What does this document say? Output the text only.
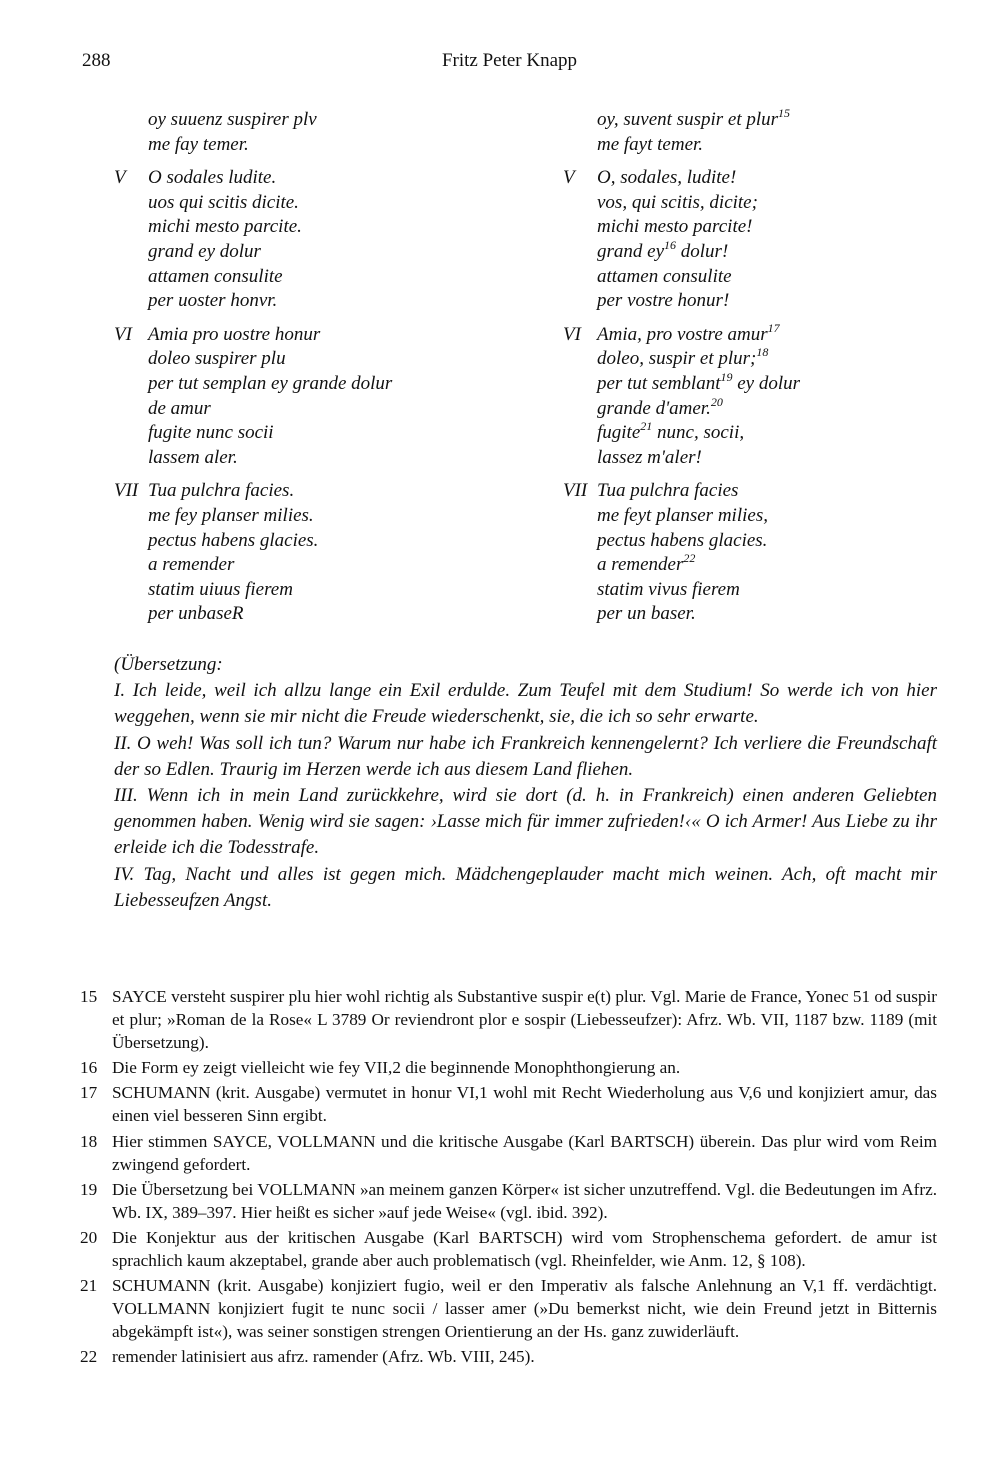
288	Fritz Peter Knapp
oy suuenz suspirer plv
me fay temer.
V O sodales ludite.
uos qui scitis dicite.
michi mesto parcite.
grand ey dolur
attamen consulite
per uoster honvr.
VI Amia pro uostre honur
doleo suspirer plu
per tut semplan ey grande dolur
de amur
fugite nunc socii
lassem aler.
VII Tua pulchra facies.
me fey planser milies.
pectus habens glacies.
a remender
statim uiuus fierem
per unbaseR
oy, suvent suspir et plur$^{15}$
me fayt temer.
V O, sodales, ludite!
vos, qui scitis, dicite;
michi mesto parcite!
grand $ey^{16}$ dolur!
attamen consulite
per vostre honur!
VI Amia, pro vostre amur$^{17}$
doleo, suspir et plur;$^{18}$
per tut semblant$^{19}$ ey dolur
grande d'amer.$^{20}$
fugite$^{21}$ nunc, socii,
lassez m'aler!
VII Tua pulchra facies
me feyt planser milies,
pectus habens glacies.
a remender$^{22}$
statim vivus fierem
per un baser.

(Übersetzung:

I. Ich leide, weil ich allzu lange ein Exil erdulde. Zum Teufel mit dem Studium! So werde ich von hier weggehen, wenn sie mir nicht die Freude wiederschenkt, sie, die ich so sehr erwarte.

II. O weh! Was soll ich tun? Warum nur habe ich Frankreich kennengelernt? Ich verliere die Freundschaft der so Edlen. Traurig im Herzen werde ich aus diesem Land fliehen.

III. Wenn ich in mein Land zurückkehre, wird sie dort (d. h. in Frankreich) einen anderen Geliebten genommen haben. Wenig wird sie sagen: ›Lasse mich für immer zufrieden!‹« O ich Armer! Aus Liebe zu ihr erleide ich die Todesstrafe.

IV. Tag, Nacht und alles ist gegen mich. Mädchengeplauder macht mich weinen. Ach, oft macht mir Liebesseufzen Angst.

15 SAYCE versteht suspirer plu hier wohl richtig als Substantive suspir e(t) plur. Vgl. Marie de France, Yonec 51 od suspir et plur; »Roman de la Rose« L 3789 Or reviendront plor e sospir (Liebesseufzer): Afrz. Wb. VII, 1187 bzw. 1189 (mit Übersetzung).
16 Die Form ey zeigt vielleicht wie fey VII,2 die beginnende Monophthongierung an.
17 SCHUMANN (krit. Ausgabe) vermutet in honur VI,1 wohl mit Recht Wiederholung aus V,6 und konjiziert amur, das einen viel besseren Sinn ergibt.
18 Hier stimmen SAYCE, VOLLMANN und die kritische Ausgabe (Karl BARTSCH) überein. Das plur wird vom Reim zwingend gefordert.
19 Die Übersetzung bei VOLLMANN »an meinem ganzen Körper« ist sicher unzutreffend. Vgl. die Bedeutungen im Afrz. Wb. IX, 389–397. Hier heißt es sicher »auf jede Weise« (vgl. ibid. 392).
20 Die Konjektur aus der kritischen Ausgabe (Karl BARTSCH) wird vom Strophenschema gefordert. de amur ist sprachlich kaum akzeptabel, grande aber auch problematisch (vgl. Rheinfelder, wie Anm. 12, § 108).
21 SCHUMANN (krit. Ausgabe) konjiziert fugio, weil er den Imperativ als falsche Anlehnung an V,1 ff. verdächtigt. VOLLMANN konjiziert fugit te nunc socii / lasser amer (»Du bemerkst nicht, wie dein Freund jetzt in Bitternis abgekämpft ist«), was seiner sonstigen strengen Orientierung an der Hs. ganz zuwiderläuft.
22 remender latinisiert aus afrz. ramender (Afrz. Wb. VIII, 245).
